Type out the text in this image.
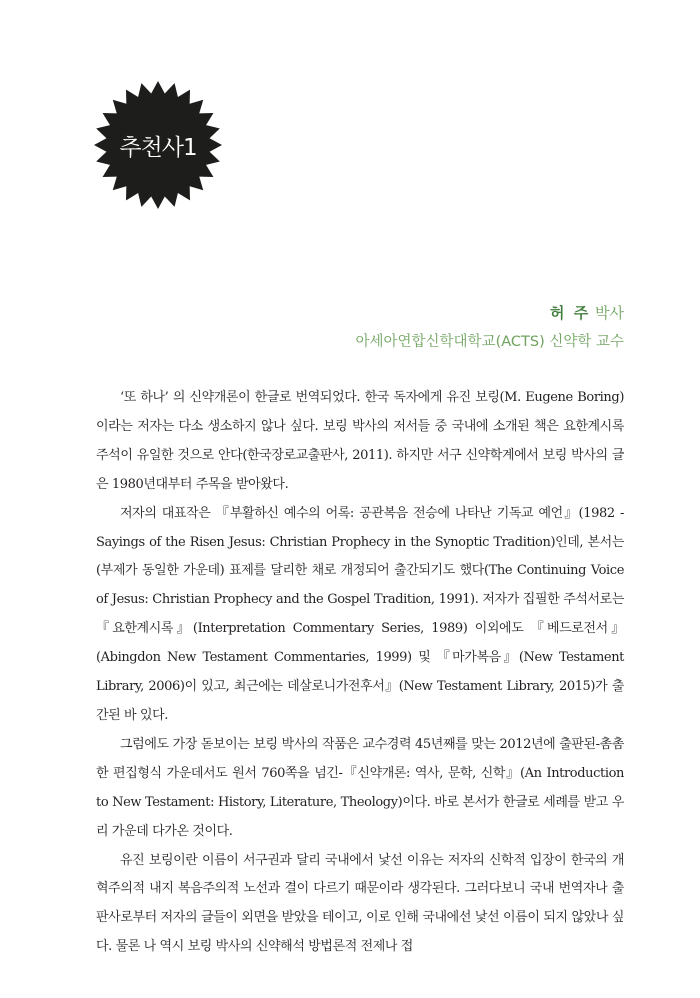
추천사1
허 주 박사
아세아연합신학대학교(ACTS) 신약학 교수

‘또 하나’ 의 신약개론이 한글로 번역되었다. 한국 독자에게 유진 보링(M. Eugene Boring)이라는 저자는 다소 생소하지 않나 싶다. 보링 박사의 저서들 중 국내에 소개된 책은 요한계시록 주석이 유일한 것으로 안다(한국장로교출판사, 2011). 하지만 서구 신약학계에서 보링 박사의 글은 1980년대부터 주목을 받아왔다.

저자의 대표작은 『부활하신 예수의 어록: 공관복음 전승에 나타난 기독교 예언』(1982 - Sayings of the Risen Jesus: Christian Prophecy in the Synoptic Tradition)인데, 본서는 (부제가 동일한 가운데) 표제를 달리한 채로 개정되어 출간되기도 했다(The Continuing Voice of Jesus: Christian Prophecy and the Gospel Tradition, 1991). 저자가 집필한 주석서로는 『요한계시록』(Interpretation Commentary Series, 1989) 이외에도 『베드로전서』(Abingdon New Testament Commentaries, 1999) 및 『마가복음』(New Testament Library, 2006)이 있고, 최근에는 데살로니가전후서』(New Testament Library, 2015)가 출간된 바 있다.

그럼에도 가장 돋보이는 보링 박사의 작품은 교수경력 45년째를 맞는 2012년에 출판된-촘촘한 편집형식 가운데서도 원서 760쪽을 넘긴-『신약개론: 역사, 문학, 신학』(An Introduction to New Testament: History, Literature, Theology)이다. 바로 본서가 한글로 세례를 받고 우리 가운데 다가온 것이다.

유진 보링이란 이름이 서구권과 달리 국내에서 낯선 이유는 저자의 신학적 입장이 한국의 개혁주의적 내지 복음주의적 노선과 결이 다르기 때문이라 생각된다. 그러다보니 국내 번역자나 출판사로부터 저자의 글들이 외면을 받았을 테이고, 이로 인해 국내에선 낯선 이름이 되지 않았나 싶다. 물론 나 역시 보링 박사의 신약해석 방법론적 전제나 접
